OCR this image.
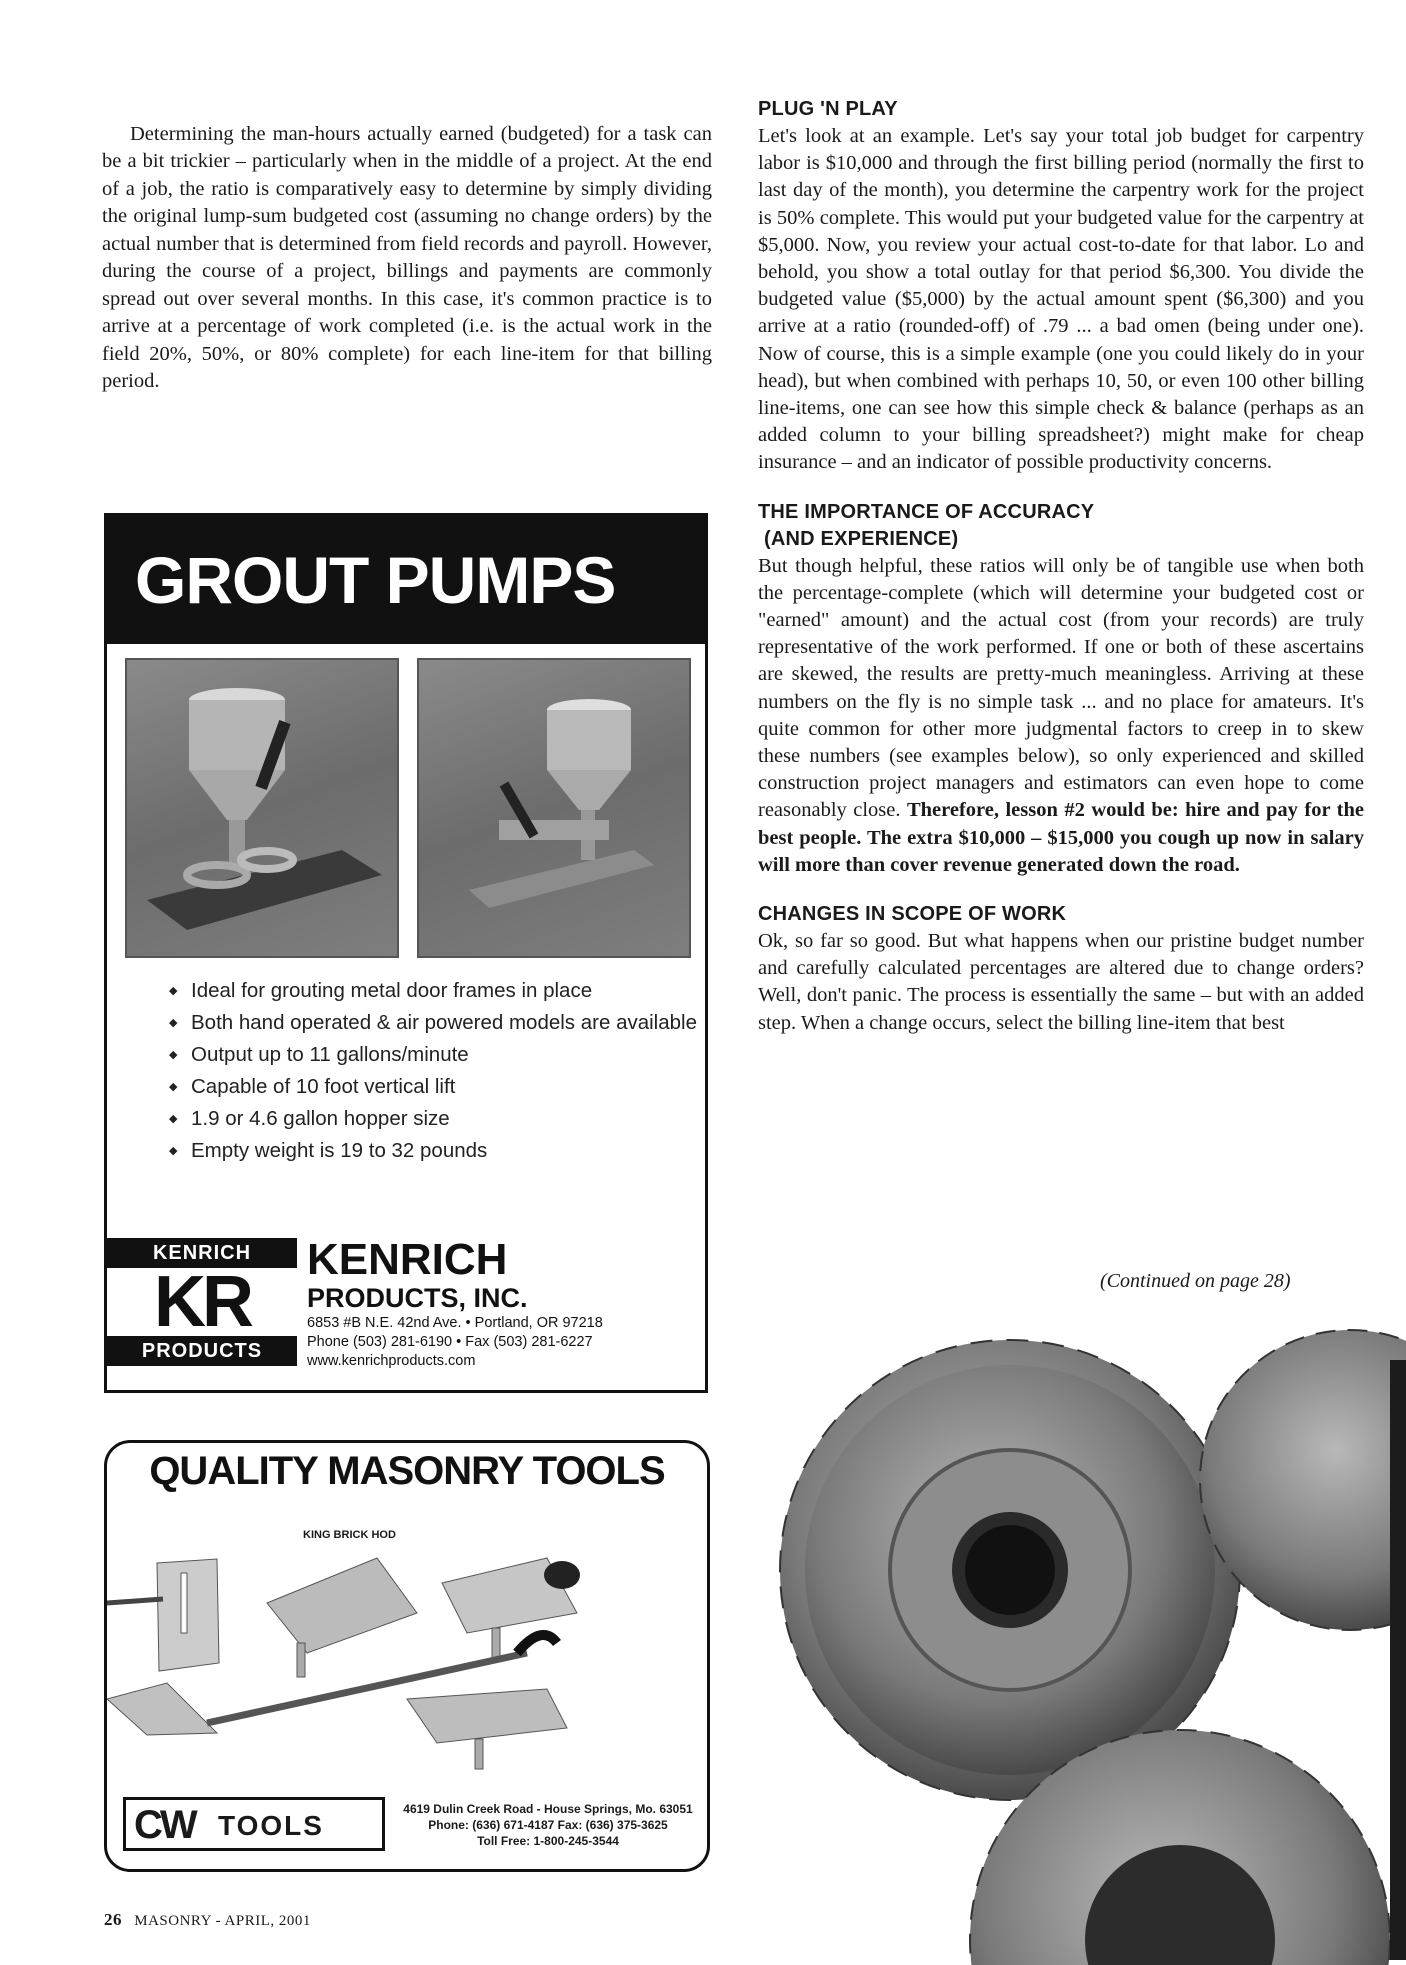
Determining the man-hours actually earned (budgeted) for a task can be a bit trickier – particularly when in the middle of a project. At the end of a job, the ratio is comparatively easy to determine by simply dividing the original lump-sum budgeted cost (assuming no change orders) by the actual number that is determined from field records and payroll. However, during the course of a project, billings and payments are commonly spread out over several months. In this case, it's common practice is to arrive at a percentage of work completed (i.e. is the actual work in the field 20%, 50%, or 80% complete) for each line-item for that billing period.

PLUG 'N PLAY

Let's look at an example. Let's say your total job budget for carpentry labor is $10,000 and through the first billing period (normally the first to last day of the month), you determine the carpentry work for the project is 50% complete. This would put your budgeted value for the carpentry at $5,000. Now, you review your actual cost-to-date for that labor. Lo and behold, you show a total outlay for that period $6,300. You divide the budgeted value ($5,000) by the actual amount spent ($6,300) and you arrive at a ratio (rounded-off) of .79 ... a bad omen (being under one). Now of course, this is a simple example (one you could likely do in your head), but when combined with perhaps 10, 50, or even 100 other billing line-items, one can see how this simple check & balance (perhaps as an added column to your billing spreadsheet?) might make for cheap insurance – and an indicator of possible productivity concerns.

THE IMPORTANCE OF ACCURACY
(AND EXPERIENCE)

But though helpful, these ratios will only be of tangible use when both the percentage-complete (which will determine your budgeted cost or "earned" amount) and the actual cost (from your records) are truly representative of the work performed. If one or both of these ascertains are skewed, the results are pretty-much meaningless. Arriving at these numbers on the fly is no simple task ... and no place for amateurs. It's quite common for other more judgmental factors to creep in to skew these numbers (see examples below), so only experienced and skilled construction project managers and estimators can even hope to come reasonably close. Therefore, lesson #2 would be: hire and pay for the best people. The extra $10,000 – $15,000 you cough up now in salary will more than cover revenue generated down the road.

CHANGES IN SCOPE OF WORK

Ok, so far so good. But what happens when our pristine budget number and carefully calculated percentages are altered due to change orders? Well, don't panic. The process is essentially the same – but with an added step. When a change occurs, select the billing line-item that best

(Continued on page 28)
GROUT PUMPS
◆ Ideal for grouting metal door frames in place
◆ Both hand operated & air powered models are available
◆ Output up to 11 gallons/minute
◆ Capable of 10 foot vertical lift
◆ 1.9 or 4.6 gallon hopper size
◆ Empty weight is 19 to 32 pounds
KENRICH
KR
PRODUCTS
KENRICH
PRODUCTS, INC.
6853 #B N.E. 42nd Ave. • Portland, OR 97218
Phone (503) 281-6190 • Fax (503) 281-6227
www.kenrichproducts.com
QUALITY MASONRY TOOLS
KING BRICK HOD
CW TOOLS
4619 Dulin Creek Road - House Springs, Mo. 63051
Phone: (636) 671-4187 Fax: (636) 375-3625
Toll Free: 1-800-245-3544
26 MASONRY - APRIL, 2001
